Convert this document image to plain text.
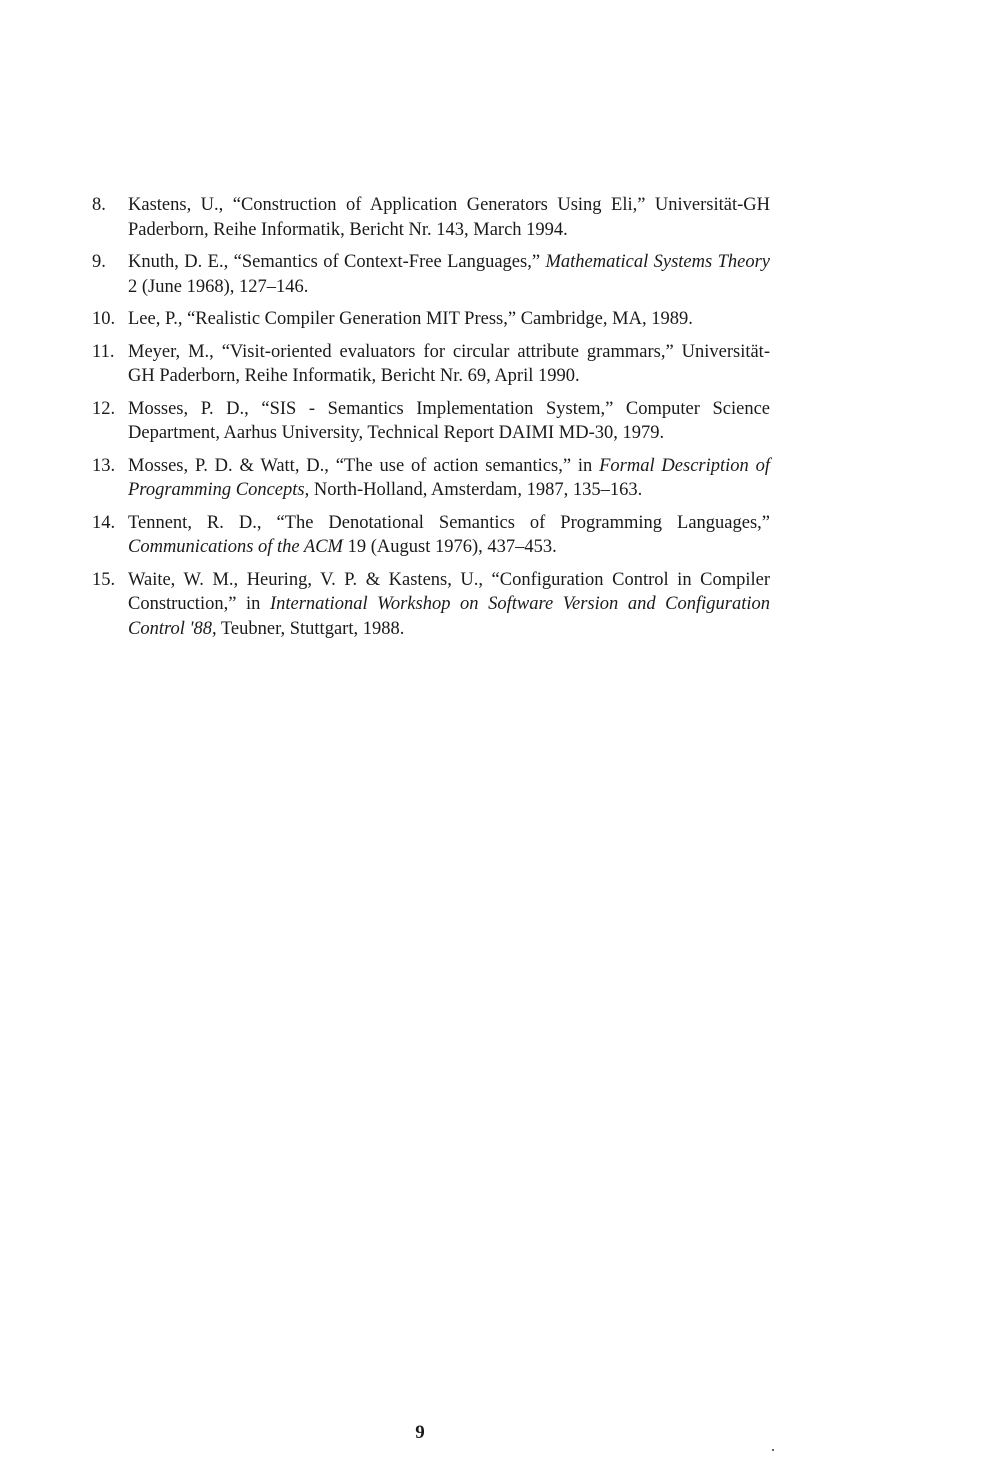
8.	Kastens, U., “Construction of Application Generators Using Eli,” Universität-GH Paderborn, Reihe Informatik, Bericht Nr. 143, March 1994.
9.	Knuth, D. E., “Semantics of Context-Free Languages,” Mathematical Systems Theory 2 (June 1968), 127–146.
10. Lee, P., “Realistic Compiler Generation MIT Press,” Cambridge, MA, 1989.
11. Meyer, M., “Visit-oriented evaluators for circular attribute grammars,” Universität-GH Paderborn, Reihe Informatik, Bericht Nr. 69, April 1990.
12. Mosses, P. D., “SIS - Semantics Implementation System,” Computer Science Department, Aarhus University, Technical Report DAIMI MD-30, 1979.
13. Mosses, P. D. & Watt, D., “The use of action semantics,” in Formal Description of Programming Concepts, North-Holland, Amsterdam, 1987, 135–163.
14. Tennent, R. D., “The Denotational Semantics of Programming Languages,” Communications of the ACM 19 (August 1976), 437–453.
15. Waite, W. M., Heuring, V. P. & Kastens, U., “Configuration Control in Compiler Construction,” in International Workshop on Software Version and Configuration Control '88, Teubner, Stuttgart, 1988.
9
